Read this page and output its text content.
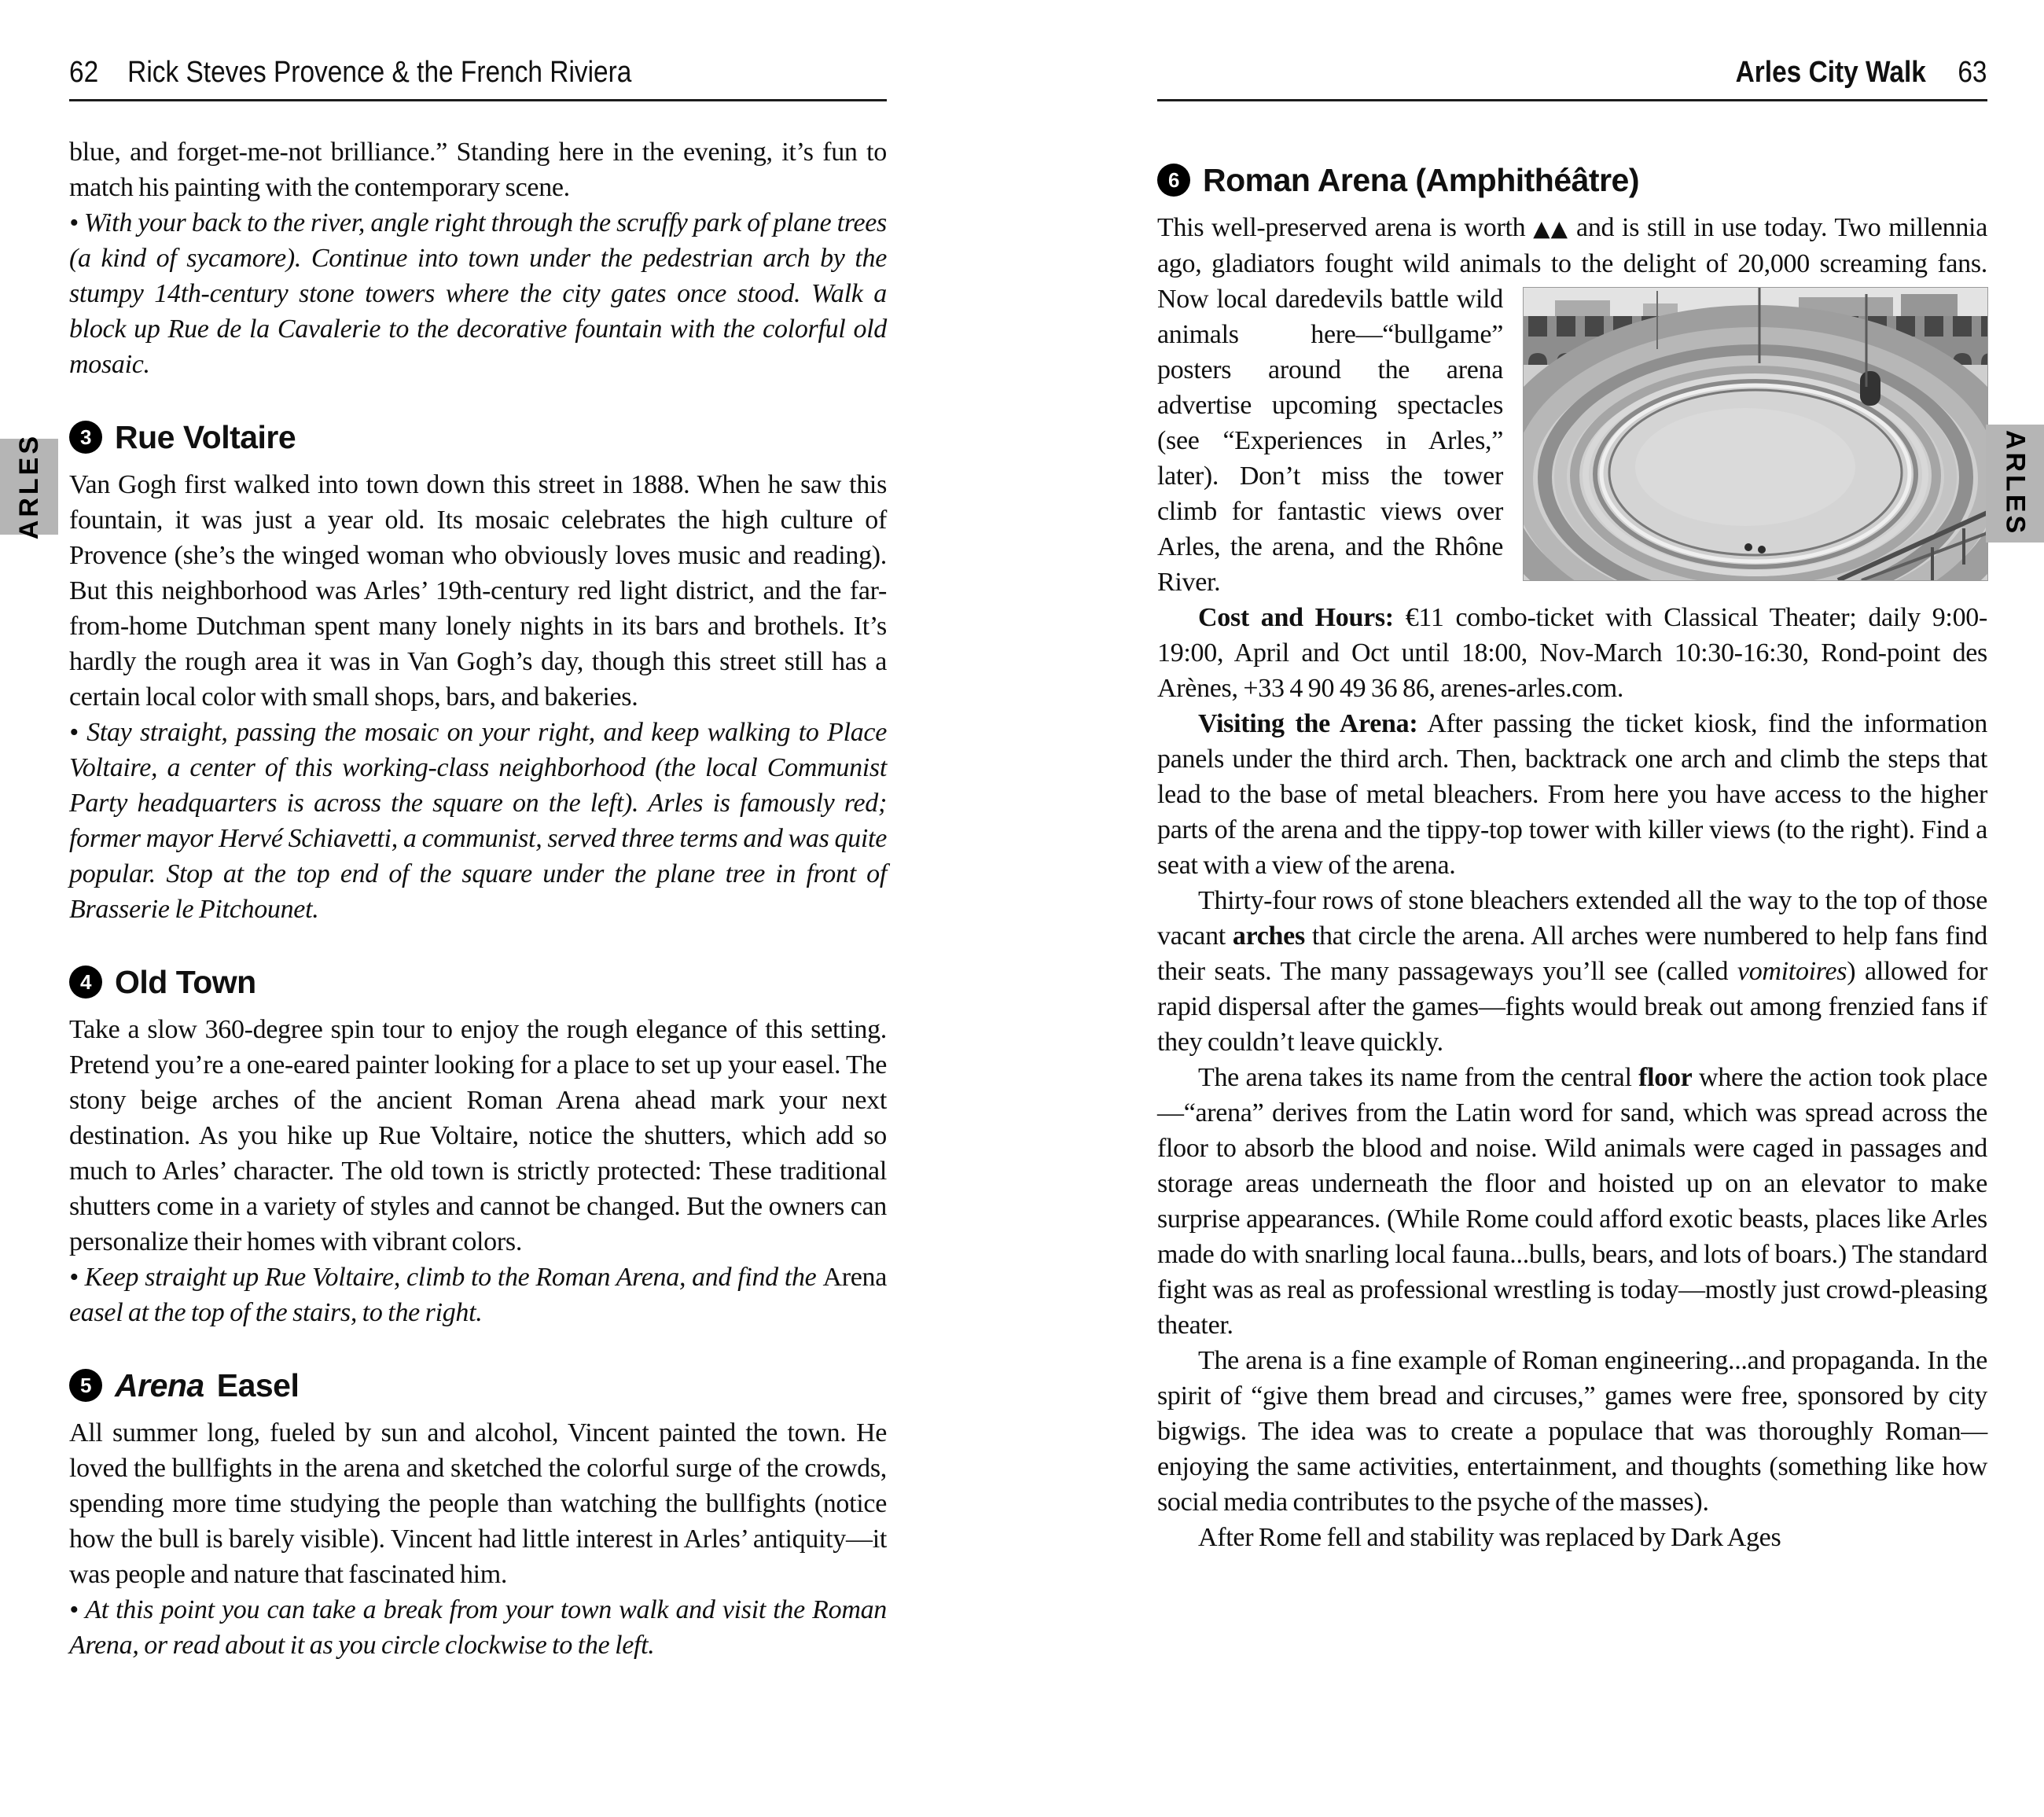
62 Rick Steves Provence & the French Riviera

blue, and forget-me-not brilliance.” Standing here in the evening, it’s fun to match his painting with the contemporary scene.

• With your back to the river, angle right through the scruffy park of plane trees (a kind of sycamore). Continue into town under the pedestrian arch by the stumpy 14th-century stone towers where the city gates once stood. Walk a block up Rue de la Cavalerie to the decorative fountain with the colorful old mosaic.

3 Rue Voltaire

Van Gogh first walked into town down this street in 1888. When he saw this fountain, it was just a year old. Its mosaic celebrates the high culture of Provence (she’s the winged woman who obviously loves music and reading). But this neighborhood was Arles’ 19th-century red light district, and the far-from-home Dutchman spent many lonely nights in its bars and brothels. It’s hardly the rough area it was in Van Gogh’s day, though this street still has a certain local color with small shops, bars, and bakeries.

• Stay straight, passing the mosaic on your right, and keep walking to Place Voltaire, a center of this working-class neighborhood (the local Communist Party headquarters is across the square on the left). Arles is famously red; former mayor Hervé Schiavetti, a communist, served three terms and was quite popular. Stop at the top end of the square under the plane tree in front of Brasserie le Pitchounet.

4 Old Town

Take a slow 360-degree spin tour to enjoy the rough elegance of this setting. Pretend you’re a one-eared painter looking for a place to set up your easel. The stony beige arches of the ancient Roman Arena ahead mark your next destination. As you hike up Rue Voltaire, notice the shutters, which add so much to Arles’ character. The old town is strictly protected: These traditional shutters come in a variety of styles and cannot be changed. But the owners can personalize their homes with vibrant colors.

• Keep straight up Rue Voltaire, climb to the Roman Arena, and find the Arena easel at the top of the stairs, to the right.

5 Arena Easel

All summer long, fueled by sun and alcohol, Vincent painted the town. He loved the bullfights in the arena and sketched the colorful surge of the crowds, spending more time studying the people than watching the bullfights (notice how the bull is barely visible). Vincent had little interest in Arles’ antiquity—it was people and nature that fascinated him.

• At this point you can take a break from your town walk and visit the Roman Arena, or read about it as you circle clockwise to the left.

Arles City Walk 63
6 Roman Arena (Amphithéâtre)

This well-preserved arena is worth ▲▲ and is still in use today. Two millennia ago, gladiators fought wild animals to the delight
of 20,000 screaming fans. Now local daredevils battle wild animals here—“bullgame” posters around the arena advertise upcoming spectacles (see “Experiences in Arles,” later). Don’t miss the tower climb for fantastic views over Arles, the arena, and the Rhône River.

Cost and Hours: €11 combo-ticket with Classical Theater; daily 9:00-19:00, April and Oct until 18:00, Nov-March 10:30-16:30, Rond-point des Arènes, +33 4 90 49 36 86, arenes-arles.com.

Visiting the Arena: After passing the ticket kiosk, find the information panels under the third arch. Then, backtrack one arch and climb the steps that lead to the base of metal bleachers. From here you have access to the higher parts of the arena and the tippy-top tower with killer views (to the right). Find a seat with a view of the arena.

Thirty-four rows of stone bleachers extended all the way to the top of those vacant arches that circle the arena. All arches were numbered to help fans find their seats. The many passageways you’ll see (called vomitoires) allowed for rapid dispersal after the games—fights would break out among frenzied fans if they couldn’t leave quickly.

The arena takes its name from the central floor where the action took place—“arena” derives from the Latin word for sand, which was spread across the floor to absorb the blood and noise. Wild animals were caged in passages and storage areas underneath the floor and hoisted up on an elevator to make surprise appearances. (While Rome could afford exotic beasts, places like Arles made do with snarling local fauna...bulls, bears, and lots of boars.) The standard fight was as real as professional wrestling is today—mostly just crowd-pleasing theater.

The arena is a fine example of Roman engineering...and propaganda. In the spirit of “give them bread and circuses,” games were free, sponsored by city bigwigs. The idea was to create a populace that was thoroughly Roman—enjoying the same activities, entertainment, and thoughts (something like how social media contributes to the psyche of the masses).

After Rome fell and stability was replaced by Dark Ages

ARLES	ARLES
